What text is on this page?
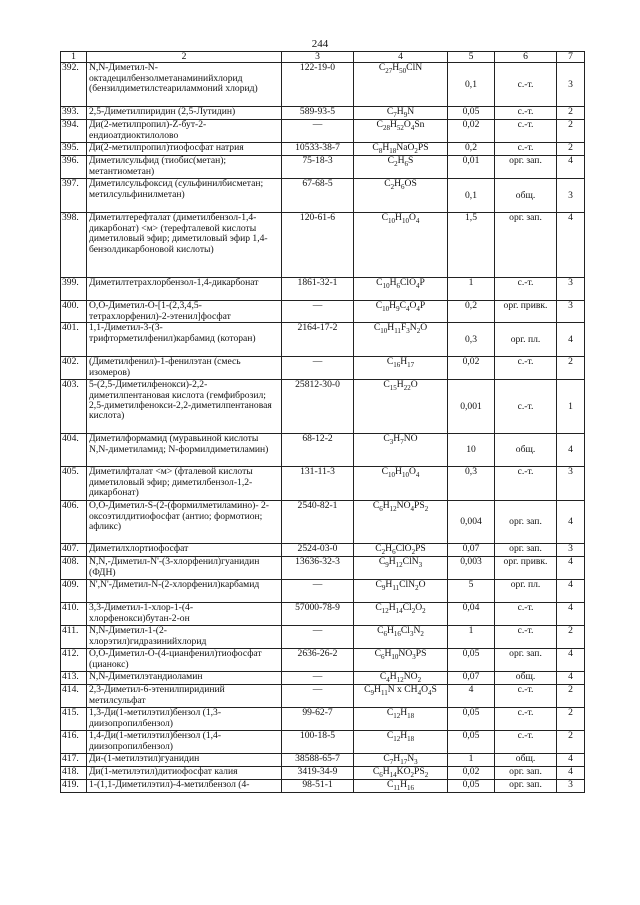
244
1	2	3	4	5	6	7
392.	N,N-Диметил-N-октадецилбензолметанаминийхлорид (бензилдиметилстеариламмоний хлорид)	122-19-0	$C_{27}H_{50}ClN$	0,1	с.-т.	3
393.	2,5-Диметилпиридин (2,5-Лутидин)	589-93-5	$C_7H_9N$	0,05	с.-т.	2
394.	Ди(2-метилпропил)-Z-бут-2-ендиоатдиоктилолово	—	$C_{28}H_{52}O_4Sn$	0,02	с.-т.	2
395.	Ди(2-метилпропил)тиофосфат натрия	10533-38-7	$C_8H_{18}NaO_2PS$	0,2	с.-т.	2
396.	Диметилсульфид (тиобис(метан); метантиометан)	75-18-3	$C_2H_6S$	0,01	орг. зап.	4
397.	Диметилсульфоксид (сульфинилбисметан; метилсульфинилметан)	67-68-5	$C_2H_6OS$	0,1	общ.	3
398.	Диметилтерефталат (диметилбензол-1,4- дикарбонат) <м> (терефталевой кислоты диметиловый эфир; диметиловый эфир 1,4-бензолдикарбоновой кислоты)	120-61-6	$C_{10}H_{10}O_4$	1,5	орг. зап.	4
399.	Диметилтетрахлорбензол-1,4-дикарбонат	1861-32-1	$C_{10}H_6ClO_4P$	1	с.-т.	3
400.	O,O-Диметил-O-[1-(2,3,4,5-тетрахлорфенил)-2-этенил]фосфат	—	$C_{10}H_9C_4O_4P$	0,2	орг. привк.	3
401.	1,1-Диметил-3-(3-трифторметилфенил)карбамид (которан)	2164-17-2	$C_{10}H_{11}F_3N_2O$	0,3	орг. пл.	4
402.	(Диметилфенил)-1-фенилэтан (смесь изомеров)	—	$C_{16}H_{17}$	0,02	с.-т.	2
403.	5-(2,5-Диметилфенокси)-2,2-диметилпентановая кислота (гемфиброзил; 2,5-диметилфенокси-2,2-диметилпентановая кислота)	25812-30-0	$C_{15}H_{22}O$	0,001	с.-т.	1
404.	Диметилформамид (муравьиной кислоты N,N-диметиламид; N-формилдиметиламин)	68-12-2	$C_3H_7NO$	10	общ.	4
405.	Диметилфталат <м> (фталевой кислоты диметиловый эфир; диметилбензол-1,2-дикарбонат)	131-11-3	$C_{10}H_{10}O_4$	0,3	с.-т.	3
406.	O,O-Диметил-S-(2-(формилметиламино)- 2-оксоэтилдитиофосфат (антио; формотион; афликс)	2540-82-1	$C_6H_{12}NO_4PS_2$	0,004	орг. зап.	4
407.	Диметилхлортиофосфат	2524-03-0	$C_2H_6ClO_2PS$	0,07	орг. зап.	3
408.	N,N,-Диметил-N'-(3-хлорфенил)гуанидин (ФДН)	13636-32-3	$C_9H_{12}ClN_3$	0,003	орг. привк.	4
409.	N',N'-Диметил-N-(2-хлорфенил)карбамид	—	$C_9H_{11}ClN_2O$	5	орг. пл.	4
410.	3,3-Диметил-1-хлор-1-(4-хлорфенокси)бутан-2-он	57000-78-9	$C_{12}H_{14}Cl_2O_2$	0,04	с.-т.	4
411.	N,N-Диметил-1-(2-хлорэтил)гидразинийхлорид	—	$C_6H_{16}Cl_3N_2$	1	с.-т.	2
412.	O,O-Диметил-O-(4-цианфенил)тиофосфат (цианокс)	2636-26-2	$C_6H_{10}NO_3PS$	0,05	орг. зап.	4
413.	N,N-Диметилэтандиоламин	—	$C_4H_{12}NO_2$	0,07	общ.	4
414.	2,3-Диметил-6-этенилпиридиний метилсульфат	—	$C_9H_{11}N$ x $CH_4O_4S$	4	с.-т.	2
415.	1,3-Ди(1-метилэтил)бензол (1,3-диизопропилбензол)	99-62-7	$C_{12}H_{18}$	0,05	с.-т.	2
416.	1,4-Ди(1-метилэтил)бензол (1,4-диизопропилбензол)	100-18-5	$C_{12}H_{18}$	0,05	с.-т.	2
417.	Ди-(1-метилэтил)гуанидин	38588-65-7	$C_7H_{17}N_3$	1	общ.	4
418.	Ди(1-метилэтил)дитиофосфат калия	3419-34-9	$C_6H_{14}KO_2PS_2$	0,02	орг. зап.	4
419.	1-(1,1-Диметилэтил)-4-метилбензол (4-	98-51-1	$C_{11}H_{16}$	0,05	орг. зап.	3
